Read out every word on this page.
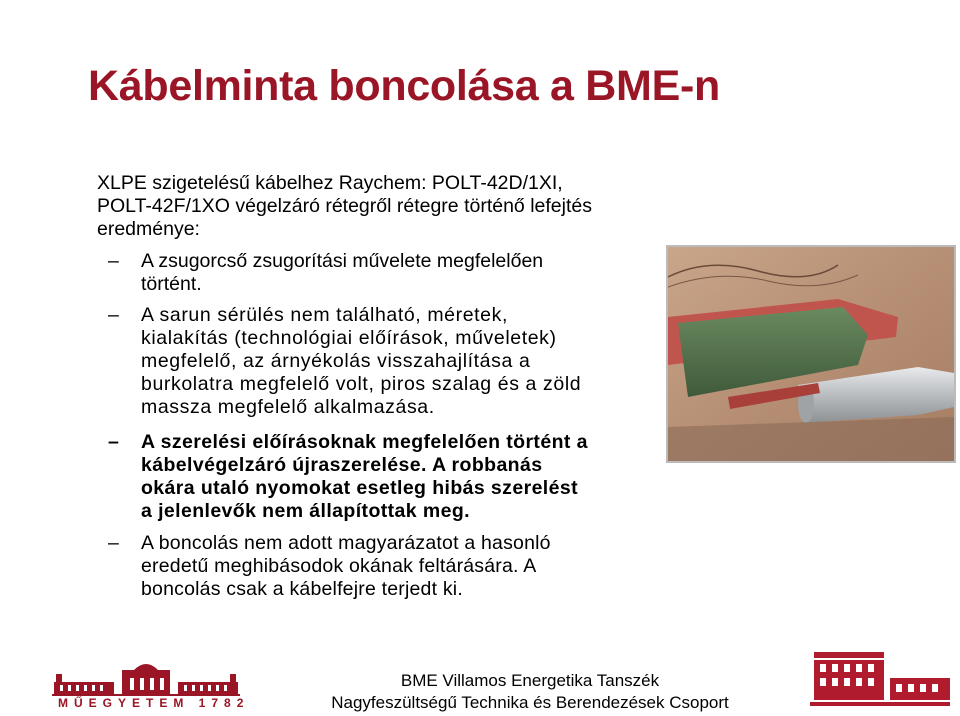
Kábelminta boncolása a BME-n
XLPE szigetelésű kábelhez Raychem: POLT-42D/1XI, POLT-42F/1XO végelzáró rétegről rétegre történő lefejtés eredménye:
– A zsugorcső zsugorítási művelete megfelelően történt.
– A sarun sérülés nem található, méretek, kialakítás (technológiai előírások, műveletek) megfelelő, az árnyékolás visszahajlítása a burkolatra megfelelő volt, piros szalag és a zöld massza megfelelő alkalmazása.
– A szerelési előírásoknak megfelelően történt a kábelvégelzáró újraszerelése. A robbanás okára utaló nyomokat esetleg hibás szerelést a jelenlevők nem állapítottak meg.
– A boncolás nem adott magyarázatot a hasonló eredetű meghibásodok okának feltárására. A boncolás csak a kábelfejre terjedt ki.
MŰEGYETEM 1782
BME Villamos Energetika Tanszék
Nagyfeszültségű Technika és Berendezések Csoport
